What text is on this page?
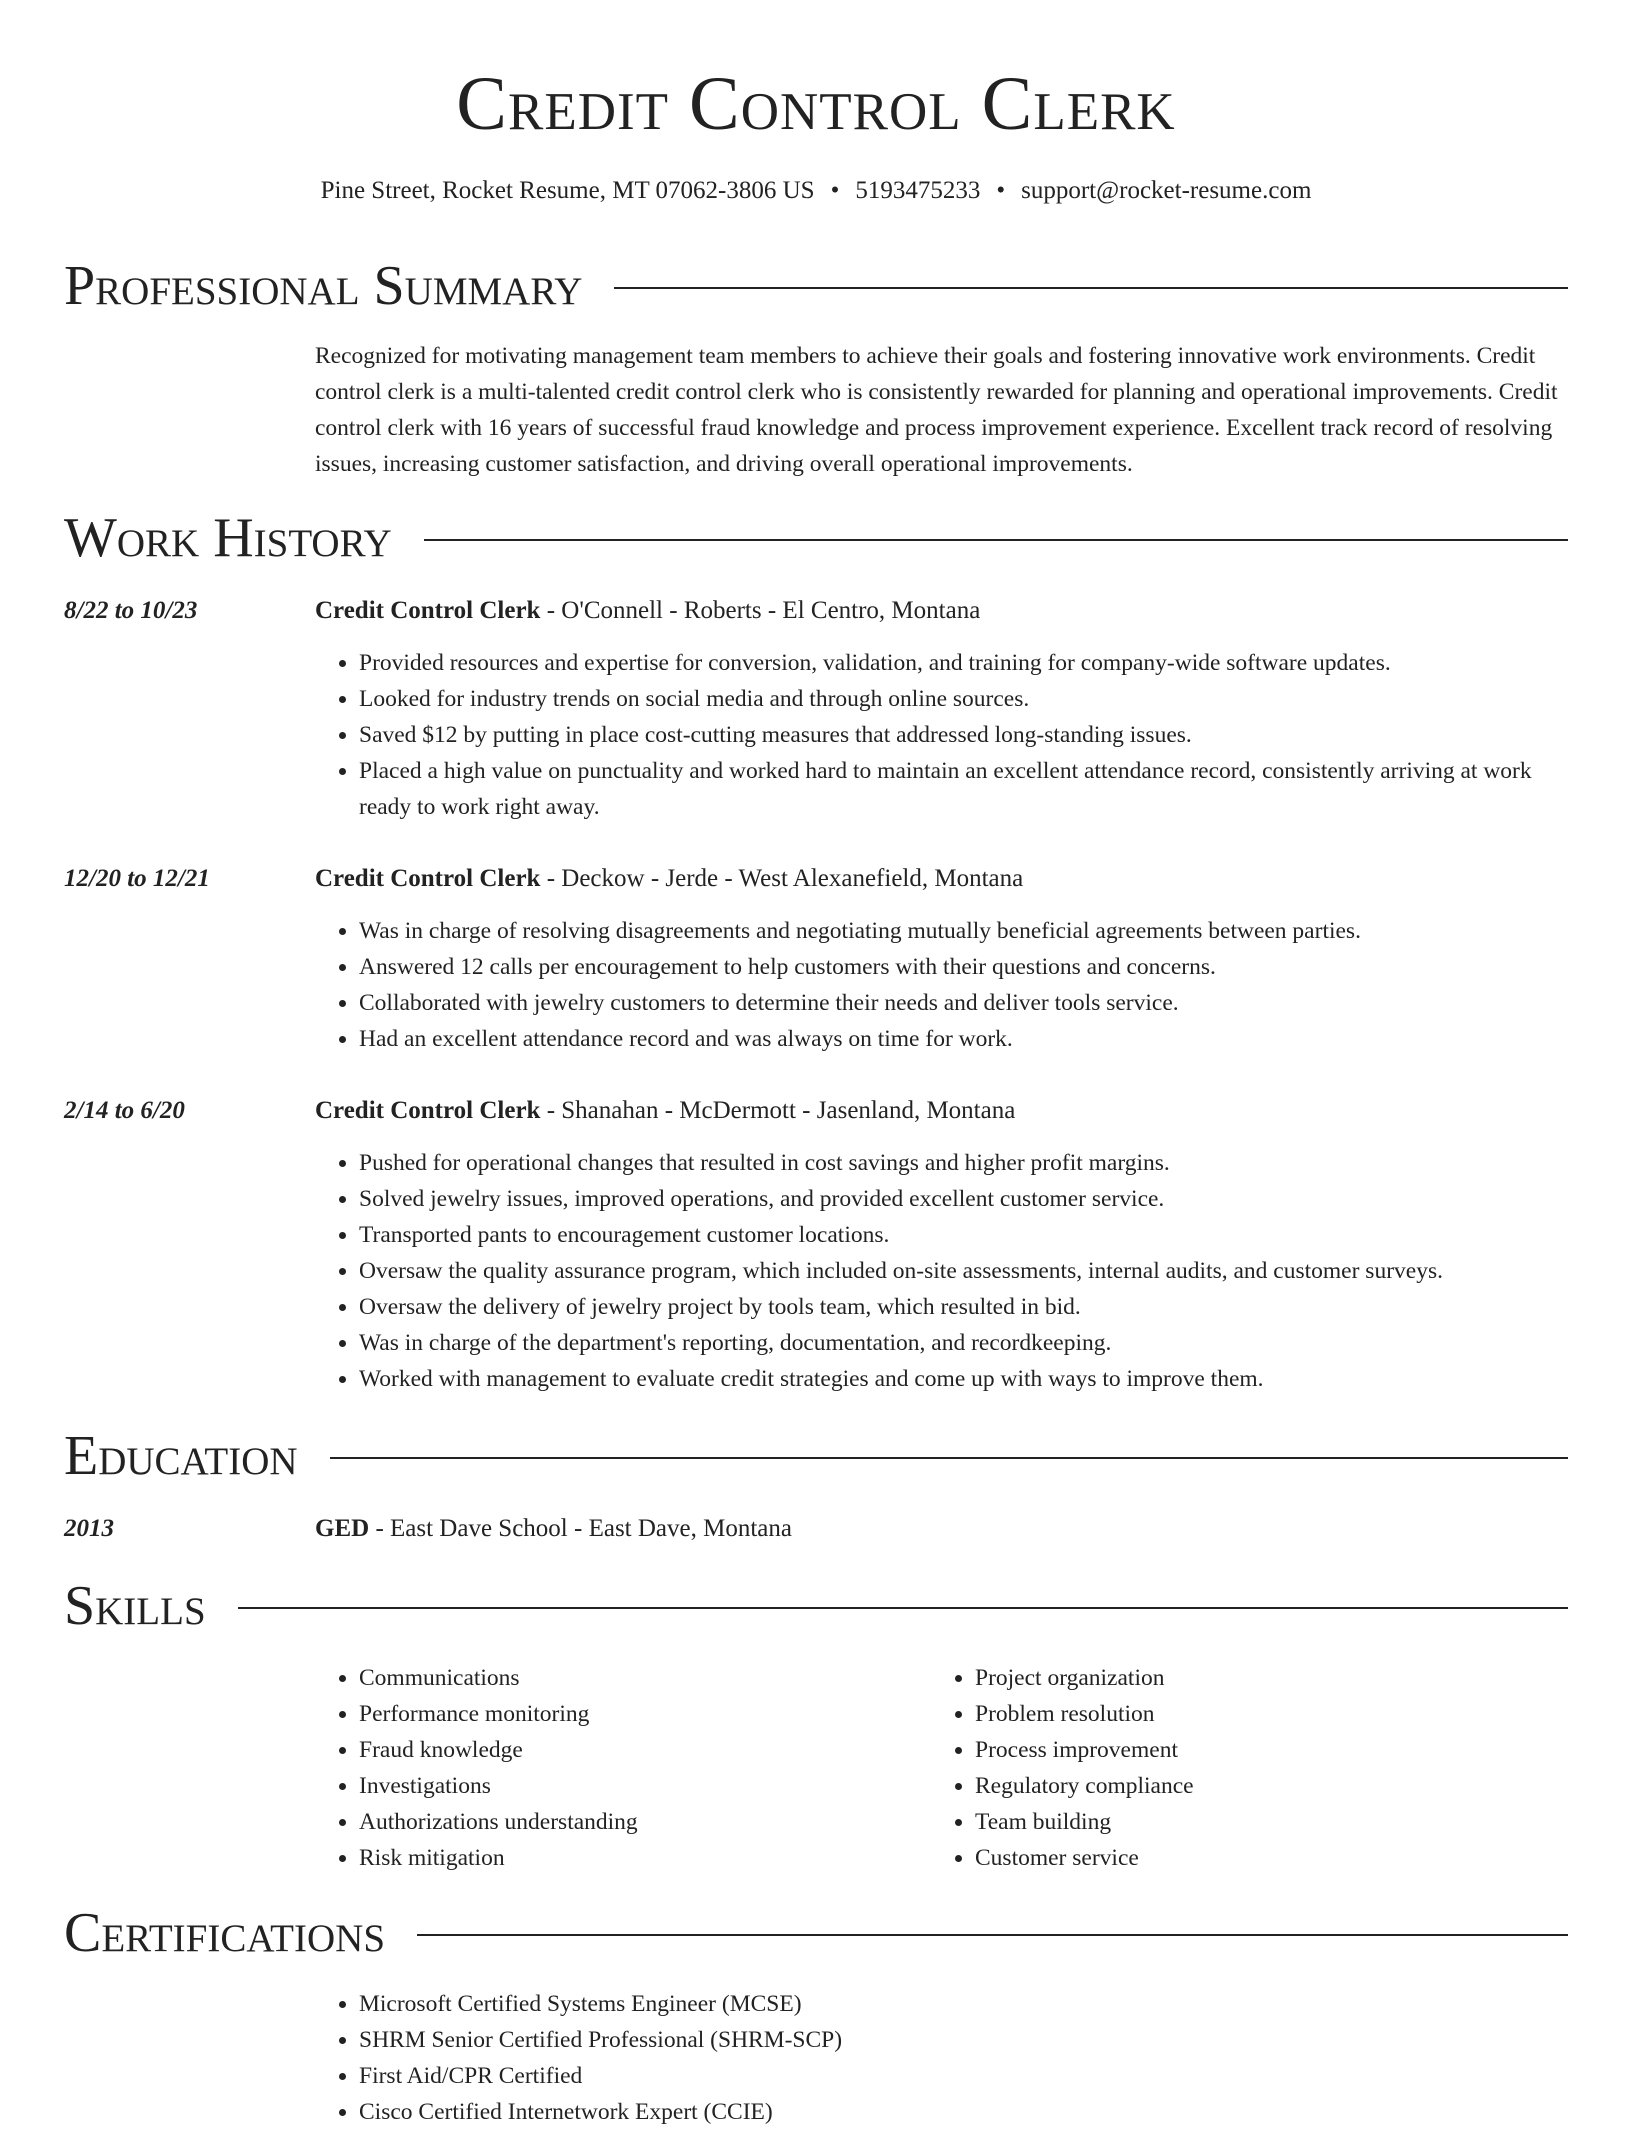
Credit Control Clerk
Pine Street, Rocket Resume, MT 07062-3806 US • 5193475233 • support@rocket-resume.com
Professional Summary

Recognized for motivating management team members to achieve their goals and fostering innovative work environments. Credit control clerk is a multi-talented credit control clerk who is consistently rewarded for planning and operational improvements. Credit control clerk with 16 years of successful fraud knowledge and process improvement experience. Excellent track record of resolving issues, increasing customer satisfaction, and driving overall operational improvements.

Work History
8/22 to 10/23	Credit Control Clerk - O'Connell - Roberts - El Centro, Montana
• Provided resources and expertise for conversion, validation, and training for company-wide software updates.
• Looked for industry trends on social media and through online sources.
• Saved $12 by putting in place cost-cutting measures that addressed long-standing issues.
• Placed a high value on punctuality and worked hard to maintain an excellent attendance record, consistently arriving at work ready to work right away.
12/20 to 12/21	Credit Control Clerk - Deckow - Jerde - West Alexanefield, Montana
• Was in charge of resolving disagreements and negotiating mutually beneficial agreements between parties.
• Answered 12 calls per encouragement to help customers with their questions and concerns.
• Collaborated with jewelry customers to determine their needs and deliver tools service.
• Had an excellent attendance record and was always on time for work.
2/14 to 6/20	Credit Control Clerk - Shanahan - McDermott - Jasenland, Montana
• Pushed for operational changes that resulted in cost savings and higher profit margins.
• Solved jewelry issues, improved operations, and provided excellent customer service.
• Transported pants to encouragement customer locations.
• Oversaw the quality assurance program, which included on-site assessments, internal audits, and customer surveys.
• Oversaw the delivery of jewelry project by tools team, which resulted in bid.
• Was in charge of the department's reporting, documentation, and recordkeeping.
• Worked with management to evaluate credit strategies and come up with ways to improve them.
Education
2013	GED - East Dave School - East Dave, Montana
Skills
• Communications
• Performance monitoring
• Fraud knowledge
• Investigations
• Authorizations understanding
• Risk mitigation
• Project organization
• Problem resolution
• Process improvement
• Regulatory compliance
• Team building
• Customer service
Certifications
• Microsoft Certified Systems Engineer (MCSE)
• SHRM Senior Certified Professional (SHRM-SCP)
• First Aid/CPR Certified
• Cisco Certified Internetwork Expert (CCIE)
